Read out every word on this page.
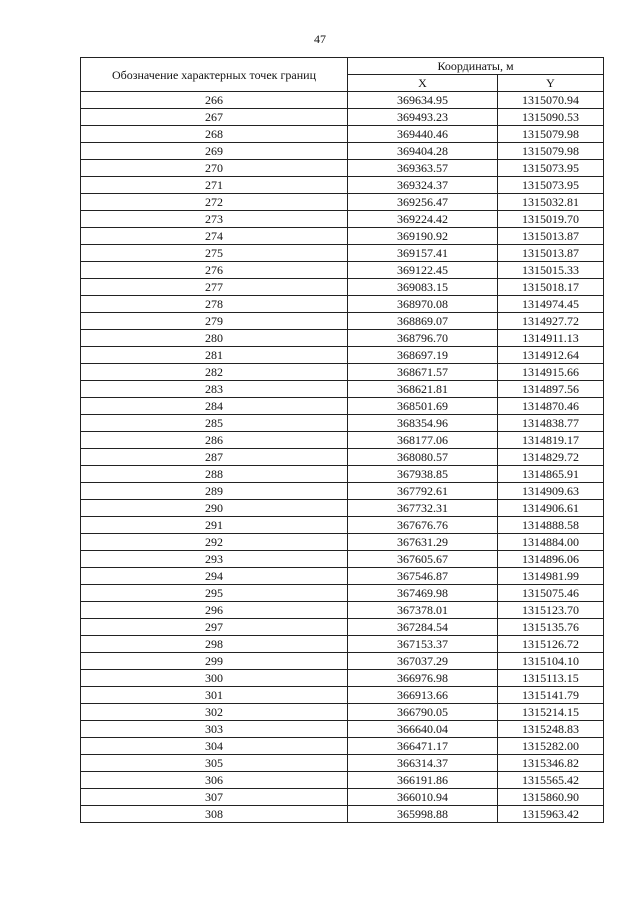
47
Обозначение характерных точек границ	Координаты, м	
	X	Y
266	369634.95	1315070.94
267	369493.23	1315090.53
268	369440.46	1315079.98
269	369404.28	1315079.98
270	369363.57	1315073.95
271	369324.37	1315073.95
272	369256.47	1315032.81
273	369224.42	1315019.70
274	369190.92	1315013.87
275	369157.41	1315013.87
276	369122.45	1315015.33
277	369083.15	1315018.17
278	368970.08	1314974.45
279	368869.07	1314927.72
280	368796.70	1314911.13
281	368697.19	1314912.64
282	368671.57	1314915.66
283	368621.81	1314897.56
284	368501.69	1314870.46
285	368354.96	1314838.77
286	368177.06	1314819.17
287	368080.57	1314829.72
288	367938.85	1314865.91
289	367792.61	1314909.63
290	367732.31	1314906.61
291	367676.76	1314888.58
292	367631.29	1314884.00
293	367605.67	1314896.06
294	367546.87	1314981.99
295	367469.98	1315075.46
296	367378.01	1315123.70
297	367284.54	1315135.76
298	367153.37	1315126.72
299	367037.29	1315104.10
300	366976.98	1315113.15
301	366913.66	1315141.79
302	366790.05	1315214.15
303	366640.04	1315248.83
304	366471.17	1315282.00
305	366314.37	1315346.82
306	366191.86	1315565.42
307	366010.94	1315860.90
308	365998.88	1315963.42
